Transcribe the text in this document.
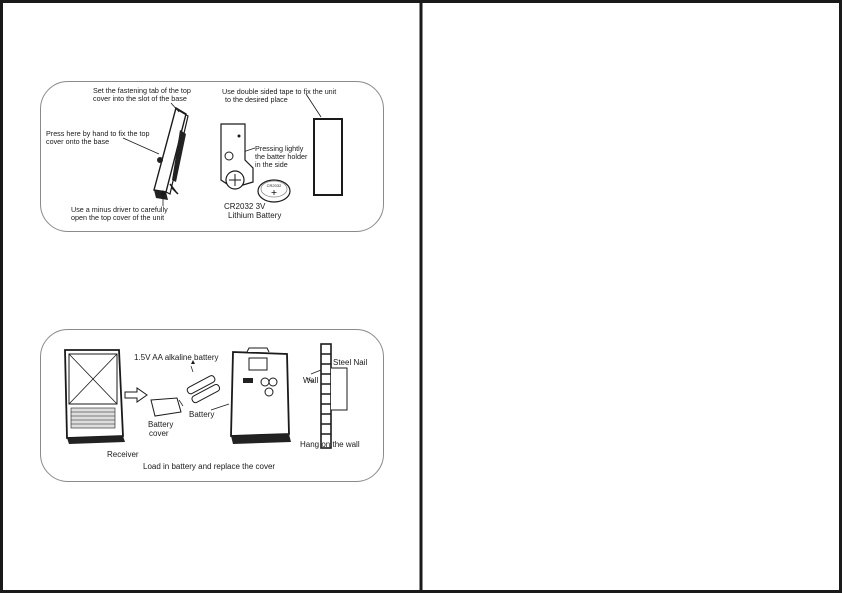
CR2032
Set the fastening tab of the top
cover into the slot of the base
Press here by hand to fix the top
cover onto the base
Use a minus driver to carefully
open the top cover of the unit
Use double sided tape to fix the unit
to the desired place
Pressing lightly
the batter holder
in the side
CR2032 3V
Lithium Battery
1.5V AA alkaline battery
Battery
Battery
cover
Receiver
Load in battery and replace the cover
Steel Nail
Wall
Hang on the wall
